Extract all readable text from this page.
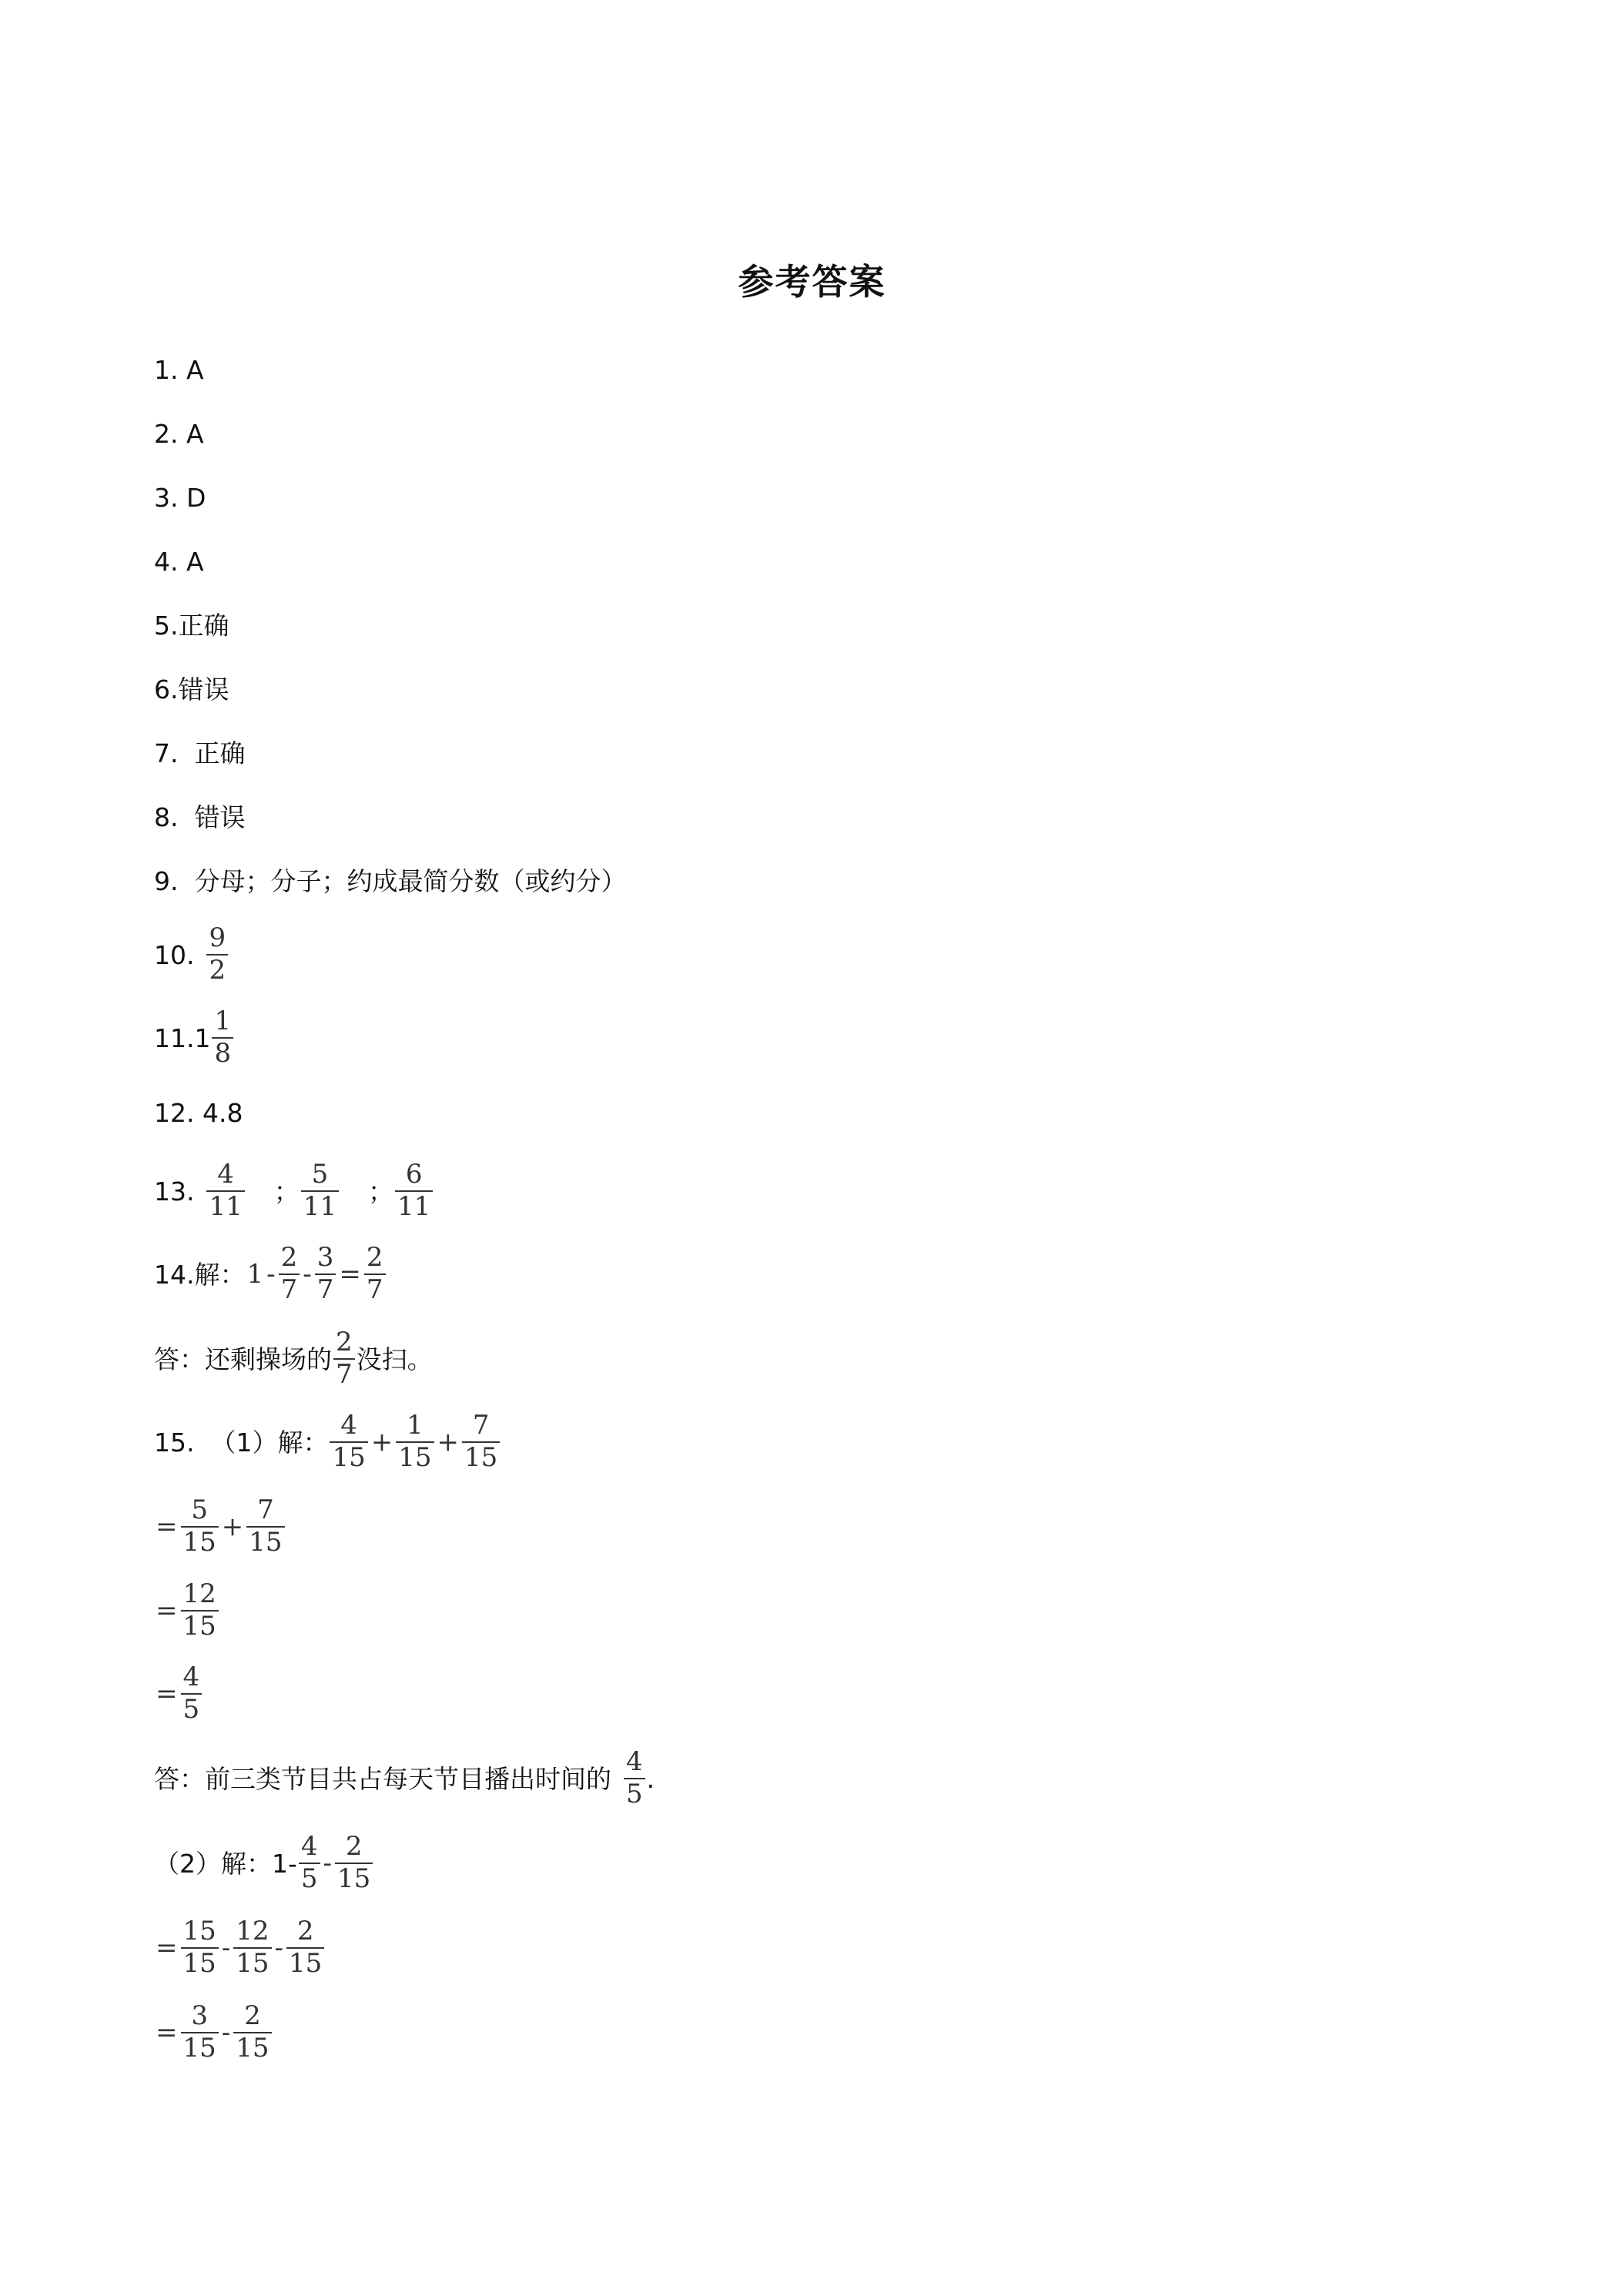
参考答案
1. A
2. A
3. D
4. A
5.正确
6.错误
7.  正确
8.  错误
9.  分母；分子；约成最简分数（或约分）
10. $\frac{9}{2}$
$11.1 \frac{1}{8}$
12. 4.8
13. $\frac{4}{11}$ ； $\frac{5}{11}$ ； $\frac{6}{11}$
14.解： $1 - \frac{2}{7} - \frac{3}{7} = \frac{2}{7}$
答：还剩操场的 $\frac{2}{7}$ 没扫。
15.  （1）解： $\frac{4}{15} + \frac{1}{15} + \frac{7}{15}$
= $\frac{5}{15} + \frac{7}{15}$
= $\frac{12}{15}$
= $\frac{4}{5}$
答：前三类节目共占每天节目播出时间的 $\frac{4}{5}$ .
（2）解：$1- \frac{4}{5} - \frac{2}{15}$
= $\frac{15}{15} - \frac{12}{15} - \frac{2}{15}$
= $\frac{3}{15} - \frac{2}{15}$
